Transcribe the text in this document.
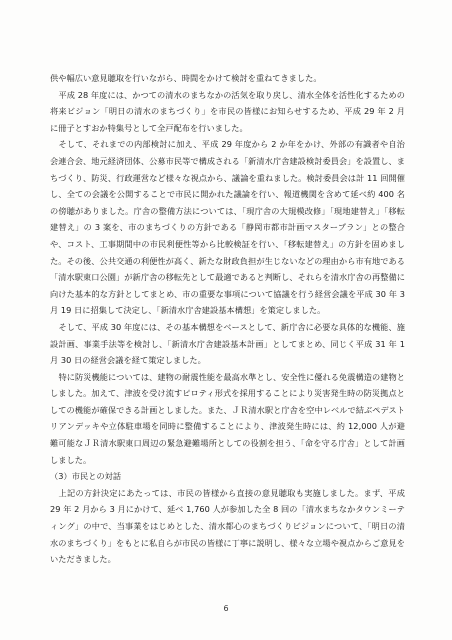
供や幅広い意見聴取を行いながら、時間をかけて検討を重ねてきました。

平成 28 年度には、かつての清水のまちなかの活気を取り戻し、清水全体を活性化するための将来ビジョン「明日の清水のまちづくり」を市民の皆様にお知らせするため、平成 29 年 2 月に冊子とすおか特集号として全戸配布を行いました。

そして、それまでの内部検討に加え、平成 29 年度から 2 か年をかけ、外部の有識者や自治会連合会、地元経済団体、公募市民等で構成される「新清水庁舎建設検討委員会」を設置し、まちづくり、防災、行政運営など様々な視点から、議論を重ねました。検討委員会は計 11 回開催し、全ての会議を公開することで市民に開かれた議論を行い、報道機関を含めて延べ約 400 名の傍聴がありました。庁舎の整備方法については、「現庁舎の大規模改修」「現地建替え」「移転建替え」の 3 案を、市のまちづくりの方針である「静岡市都市計画マスタープラン」との整合や、コスト、工事期間中の市民利便性等から比較検証を行い、「移転建替え」の方針を固めました。その後、公共交通の利便性が高く、新たな財政負担が生じないなどの理由から市有地である「清水駅東口公園」が新庁舎の移転先として最適であると判断し、それらを清水庁舎の再整備に向けた基本的な方針としてまとめ、市の重要な事項について協議を行う経営会議を平成 30 年 3 月 19 日に招集して決定し、「新清水庁舎建設基本構想」を策定しました。

そして、平成 30 年度には、その基本構想をベースとして、新庁舎に必要な具体的な機能、施設計画、事業手法等を検討し、「新清水庁舎建設基本計画」としてまとめ、同じく平成 31 年 1 月 30 日の経営会議を経て策定しました。

特に防災機能については、建物の耐震性能を最高水準とし、安全性に優れる免震構造の建物としました。加えて、津波を受け流すピロティ形式を採用することにより災害発生時の防災拠点としての機能が確保できる計画としました。また、ＪＲ清水駅と庁舎を空中レベルで結ぶペデストリアンデッキや立体駐車場を同時に整備することにより、津波発生時には、約 12,000 人が避難可能なＪＲ清水駅東口周辺の緊急避難場所としての役割を担う、「命を守る庁舎」として計画しました。

（3）市民との対話

上記の方針決定にあたっては、市民の皆様から直接の意見聴取も実施しました。まず、平成 29 年 2 月から 3 月にかけて、延べ 1,760 人が参加した全 8 回の「清水まちなかタウンミーティング」の中で、当事業をはじめとした、清水都心のまちづくりビジョンについて、「明日の清水のまちづくり」をもとに私自らが市民の皆様に丁寧に説明し、様々な立場や視点からご意見をいただきました。

6
